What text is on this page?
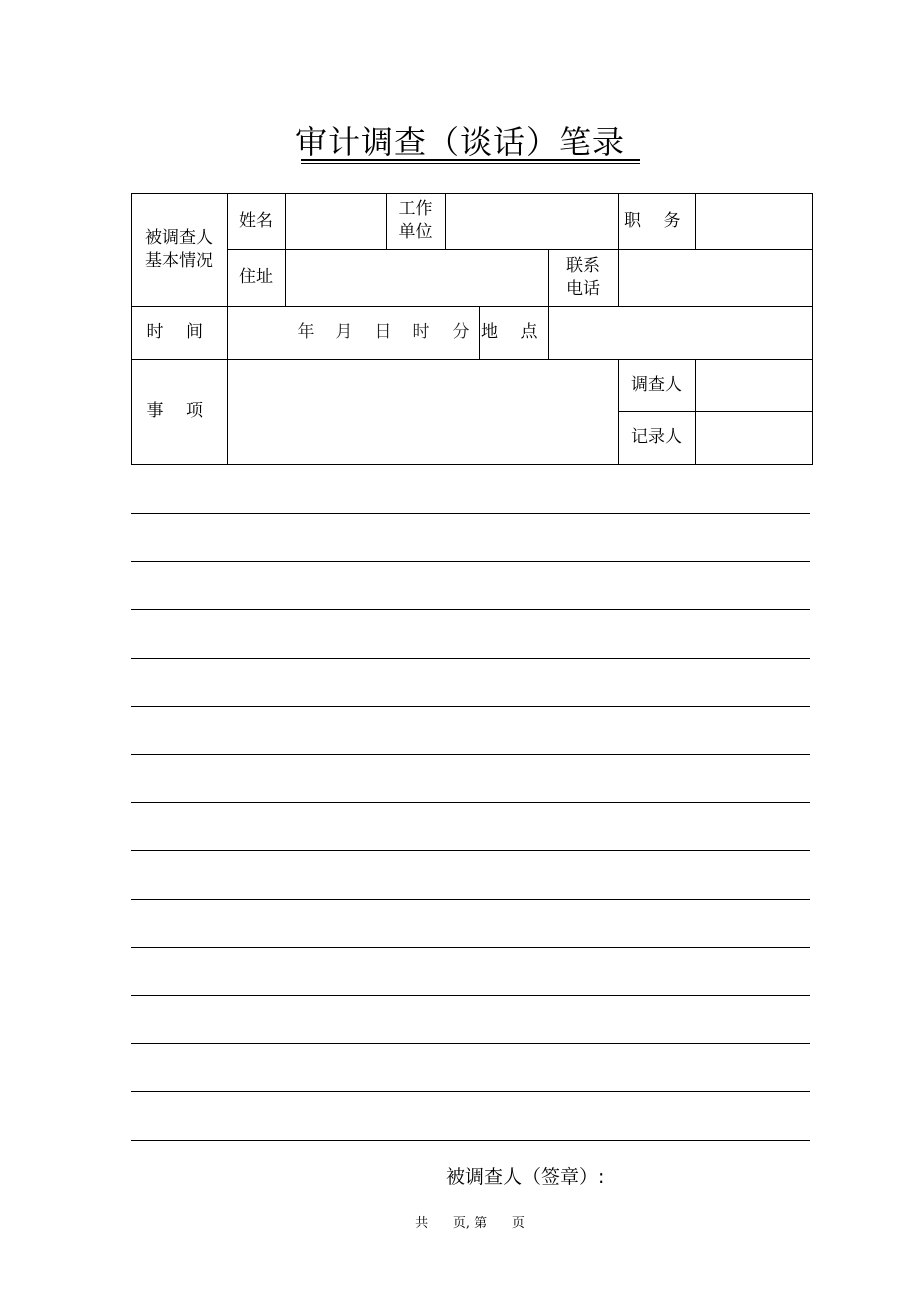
审计调查（谈话）笔录
被调查人
基本情况
姓名
工作
单位
职 务
住址
联系
电话
时 间	年 月 日 时 分 地 点
事 项
调查人
记录人
被调查人（签章）:
共      页, 第      页
